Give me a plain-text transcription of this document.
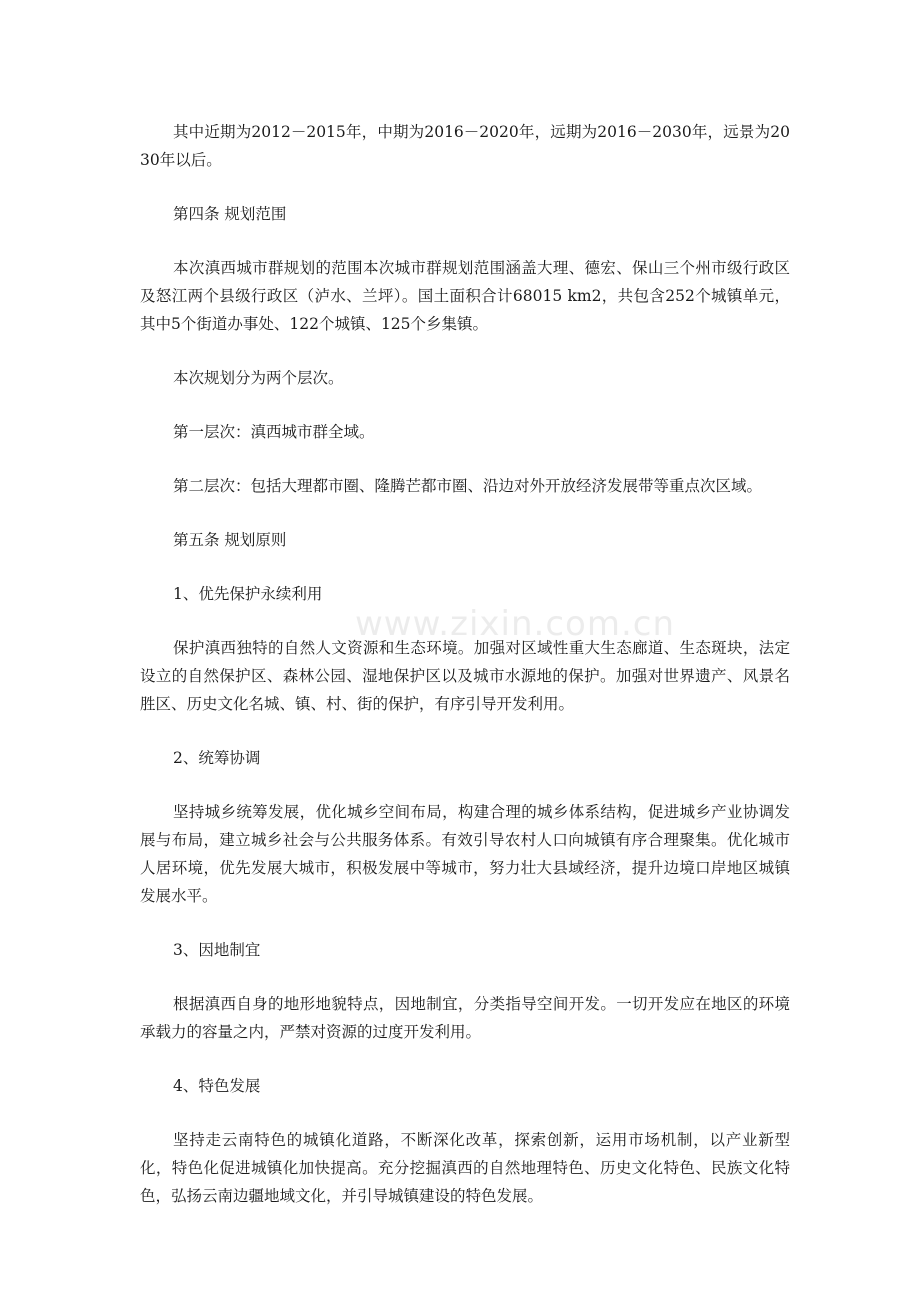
其中近期为2012－2015年，中期为2016－2020年，远期为2016－2030年，远景为2030年以后。

第四条 规划范围

本次滇西城市群规划的范围本次城市群规划范围涵盖大理、德宏、保山三个州市级行政区及怒江两个县级行政区（泸水、兰坪）。国土面积合计68015 km2，共包含252个城镇单元，其中5个街道办事处、122个城镇、125个乡集镇。

本次规划分为两个层次。

第一层次：滇西城市群全域。

第二层次：包括大理都市圈、隆腾芒都市圈、沿边对外开放经济发展带等重点次区域。

第五条 规划原则

1、优先保护永续利用

保护滇西独特的自然人文资源和生态环境。加强对区域性重大生态廊道、生态斑块，法定设立的自然保护区、森林公园、湿地保护区以及城市水源地的保护。加强对世界遗产、风景名胜区、历史文化名城、镇、村、街的保护，有序引导开发利用。

2、统筹协调

坚持城乡统筹发展，优化城乡空间布局，构建合理的城乡体系结构，促进城乡产业协调发展与布局，建立城乡社会与公共服务体系。有效引导农村人口向城镇有序合理聚集。优化城市人居环境，优先发展大城市，积极发展中等城市，努力壮大县域经济，提升边境口岸地区城镇发展水平。

3、因地制宜

根据滇西自身的地形地貌特点，因地制宜，分类指导空间开发。一切开发应在地区的环境承载力的容量之内，严禁对资源的过度开发利用。

4、特色发展

坚持走云南特色的城镇化道路，不断深化改革，探索创新，运用市场机制，以产业新型化，特色化促进城镇化加快提高。充分挖掘滇西的自然地理特色、历史文化特色、民族文化特色，弘扬云南边疆地域文化，并引导城镇建设的特色发展。

www.zixin.com.cn
